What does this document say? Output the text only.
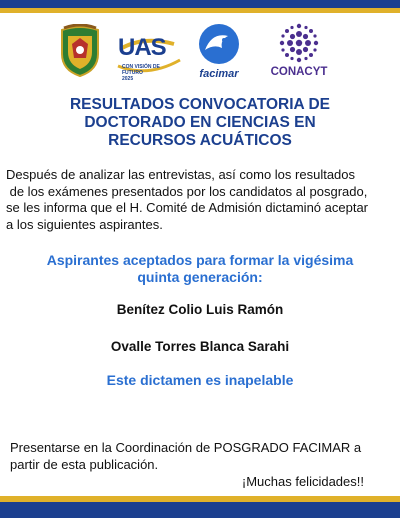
UAS
CON VISIÓN DE
FUTURO
2025	facimar	CONACYT
RESULTADOS CONVOCATORIA DE
DOCTORADO EN CIENCIAS EN
RECURSOS ACUÁTICOS
Después de analizar las entrevistas, así como los resultados
de los exámenes presentados por los candidatos al posgrado,
se les informa que el H. Comité de Admisión dictaminó aceptar
a los siguientes aspirantes.
Aspirantes aceptados para formar la vigésima
quinta generación:
Benítez Colio Luis Ramón
Ovalle Torres Blanca Sarahi
Este dictamen es inapelable
Presentarse en la Coordinación de POSGRADO FACIMAR a
partir de esta publicación.
¡Muchas felicidades!!
